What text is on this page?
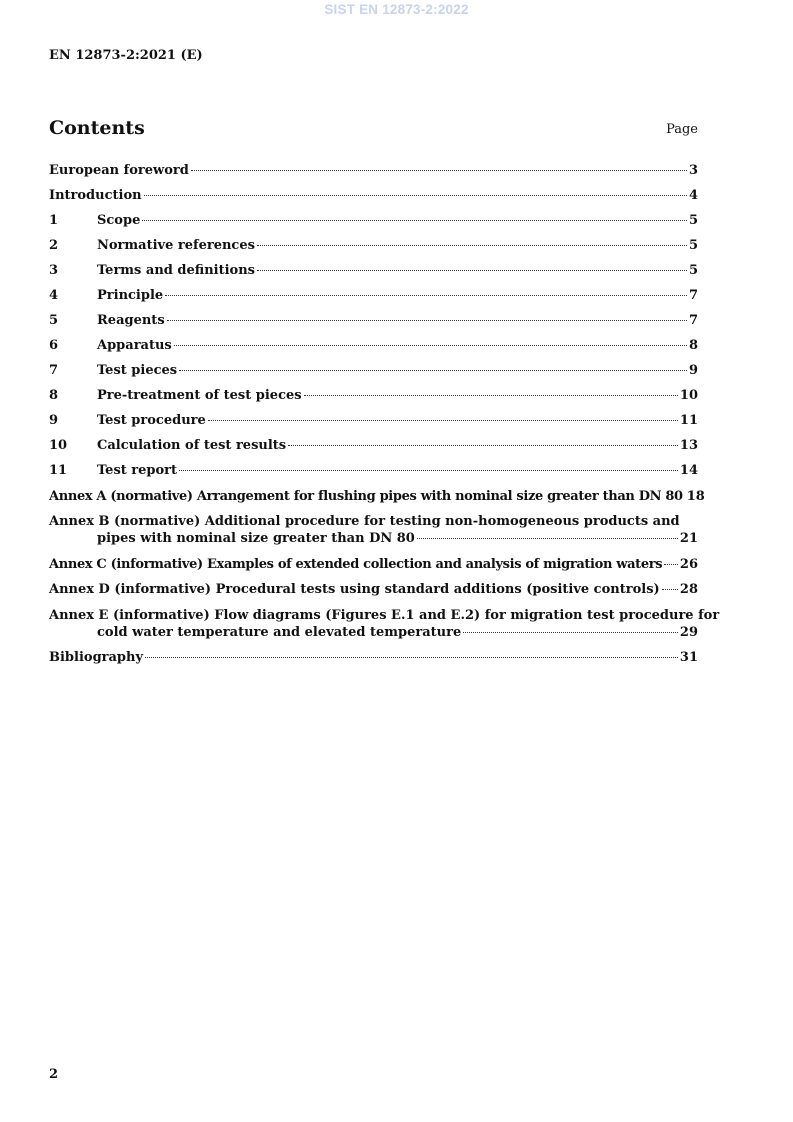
SIST EN 12873-2:2022
EN 12873-2:2021 (E)
Contents	Page
European foreword	3
Introduction	4
1	Scope	5
2	Normative references	5
3	Terms and definitions	5
4	Principle	7
5	Reagents	7
6	Apparatus	8
7	Test pieces	9
8	Pre-treatment of test pieces	10
9	Test procedure	11
10	Calculation of test results	13
11	Test report	14
Annex A (normative) Arrangement for flushing pipes with nominal size greater than DN 80 18
Annex B (normative) Additional procedure for testing non-homogeneous products and
pipes with nominal size greater than DN 80	21
Annex C (informative) Examples of extended collection and analysis of migration waters 26
Annex D (informative) Procedural tests using standard additions (positive controls) 28
Annex E (informative) Flow diagrams (Figures E.1 and E.2) for migration test procedure for
cold water temperature and elevated temperature	29
Bibliography	31
2
